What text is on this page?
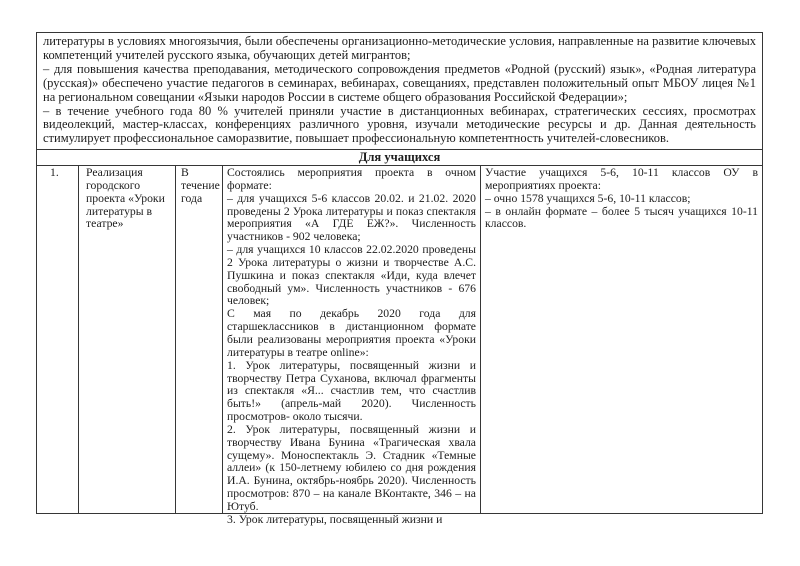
литературы в условиях многоязычия, были обеспечены организационно-методические условия, направленные на развитие ключевых компетенций учителей русского языка, обучающих детей мигрантов;

– для повышения качества преподавания, методического сопровождения предметов «Родной (русский) язык», «Родная литература (русская)» обеспечено участие педагогов в семинарах, вебинарах, совещаниях, представлен положительный опыт МБОУ лицея №1 на региональном совещании «Языки народов России в системе общего образования Российской Федерации»;

– в течение учебного года 80 % учителей приняли участие в дистанционных вебинарах, стратегических сессиях, просмотрах видеолекций, мастер-классах, конференциях различного уровня, изучали методические ресурсы и др. Данная деятельность стимулирует профессиональное саморазвитие, повышает профессиональную компетентность учителей-словесников.

Для учащихся

1.	Реализация городского проекта «Уроки литературы в театре»

В течение года

Состоялись мероприятия проекта в очном формате:

– для учащихся 5-6 классов 20.02. и 21.02. 2020 проведены 2 Урока литературы и показ спектакля мероприятия «А ГДЕ ЕЖ?». Численность участников - 902 человека;

– для учащихся 10 классов 22.02.2020 проведены 2 Урока литературы о жизни и творчестве А.С. Пушкина и показ спектакля «Иди, куда влечет свободный ум». Численность участников - 676 человек;

С мая по декабрь 2020 года для старшеклассников в дистанционном формате были реализованы мероприятия проекта «Уроки литературы в театре online»:

1. Урок литературы, посвященный жизни и творчеству Петра Суханова, включал фрагменты из спектакля «Я... счастлив тем, что счастлив быть!» (апрель-май 2020). Численность просмотров- около тысячи.

2. Урок литературы, посвященный жизни и творчеству Ивана Бунина «Трагическая хвала сущему». Моноспектакль Э. Стадник «Темные аллеи» (к 150-летнему юбилею со дня рождения И.А. Бунина, октябрь-ноябрь 2020). Численность просмотров: 870 – на канале ВКонтакте, 346 – на Ютуб.

3. Урок литературы, посвященный жизни и

Участие учащихся 5-6, 10-11 классов ОУ в мероприятиях проекта:

– очно 1578 учащихся 5-6, 10-11 классов;

– в онлайн формате – более 5 тысяч учащихся 10-11 классов.
